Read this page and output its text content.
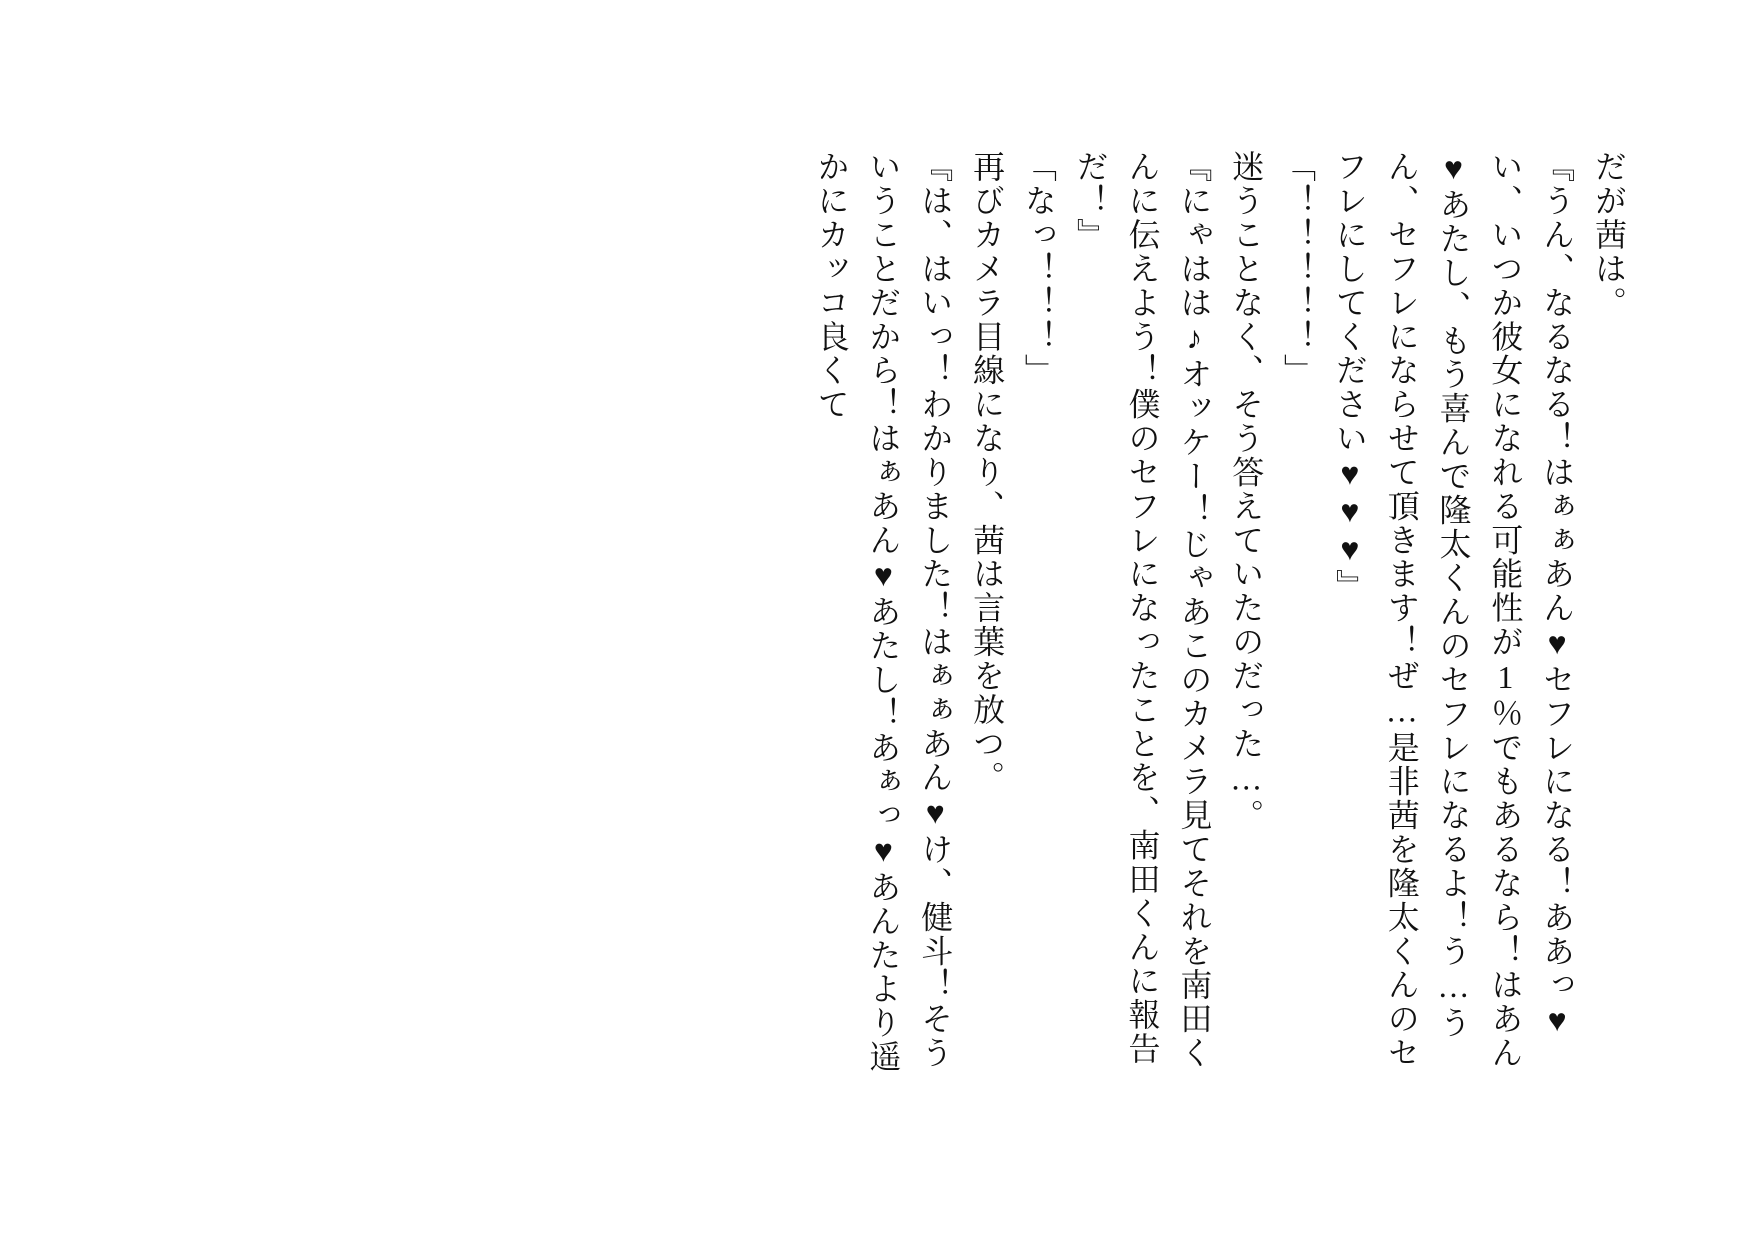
だが茜は。

『うん、なるなる！はぁぁあん♥セフレになる！ああっ♥い、いつか彼女になれる可能性が1％でもあるなら！はあん♥あたし、もう喜んで隆太くんのセフレになるよ！う…うん、セフレにならせて頂きます！ぜ…是非茜を隆太くんのセフレにしてください♥♥♥』

「！！！！！」

迷うことなく、そう答えていたのだった…。

『にゃはは♪オッケー！じゃあこのカメラ見てそれを南田くんに伝えよう！僕のセフレになったことを、南田くんに報告だ！』

「なっ！！！」

再びカメラ目線になり、茜は言葉を放つ。

『は、はいっ！わかりました！はぁぁあん♥け、健斗！そういうことだから！はぁあん♥あたし！あぁっ♥あんたより遥かにカッコ良くて
